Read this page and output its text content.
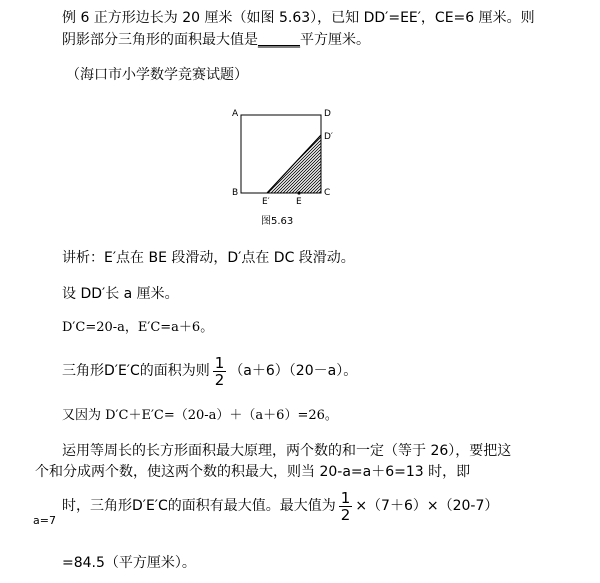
例 6 正方形边长为 20 厘米（如图 5.63），已知 DD′=EE′，CE=6 厘米。则
阴影部分三角形的面积最大值是______平方厘米。
（海口市小学数学竞赛试题）
A	D
D′
B	C
E′	E
图5.63
讲析：E′点在 BE 段滑动，D′点在 DC 段滑动。
设 DD′长 a 厘米。
D′C=20-a，E′C=a＋6。
三角形D′E′C的面积为则 $\frac{1}{2} (a+6)(20-a)$。
又因为 D′C＋E′C=（20-a）＋（a＋6）=26。
运用等周长的长方形面积最大原理，两个数的和一定（等于 26），要把这
个和分成两个数，使这两个数的积最大，则当 20-a=a＋6=13 时，即
a=7
时，三角形D′E′C的面积有最大值。最大值为 $\frac{1}{2} \times(7+6)\times(20-7)$
=84.5（平方厘米）。
